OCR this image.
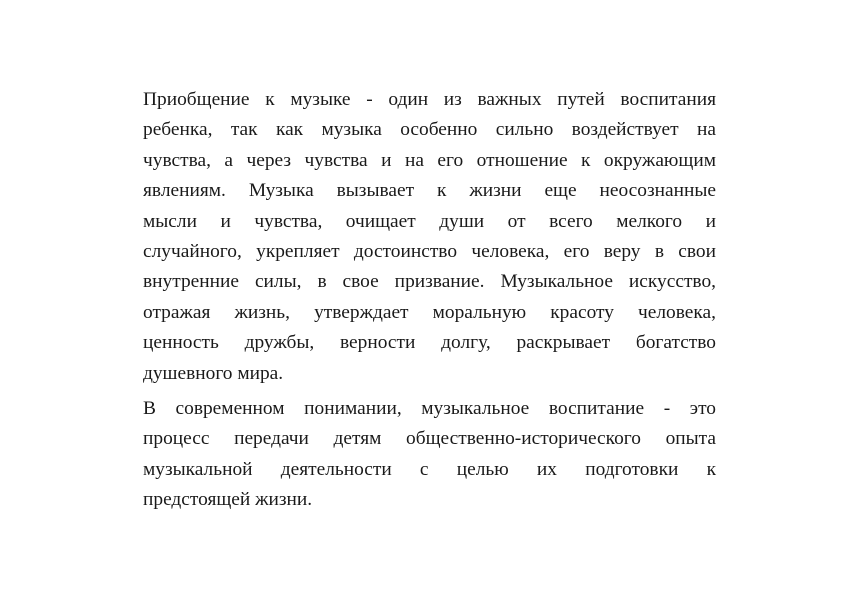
Приобщение к музыке - один из важных путей воспитания
ребенка, так как музыка особенно сильно воздействует на
чувства, а через чувства и на его отношение к окружающим
явлениям. Музыка вызывает к жизни еще неосознанные
мысли и чувства, очищает души от всего мелкого и
случайного, укрепляет достоинство человека, его веру в свои
внутренние силы, в свое призвание. Музыкальное искусство,
отражая жизнь, утверждает моральную красоту человека,
ценность дружбы, верности долгу, раскрывает богатство
душевного мира.
В современном понимании, музыкальное воспитание - это
процесс передачи детям общественно-исторического опыта
музыкальной деятельности с целью их подготовки к
предстоящей жизни.
